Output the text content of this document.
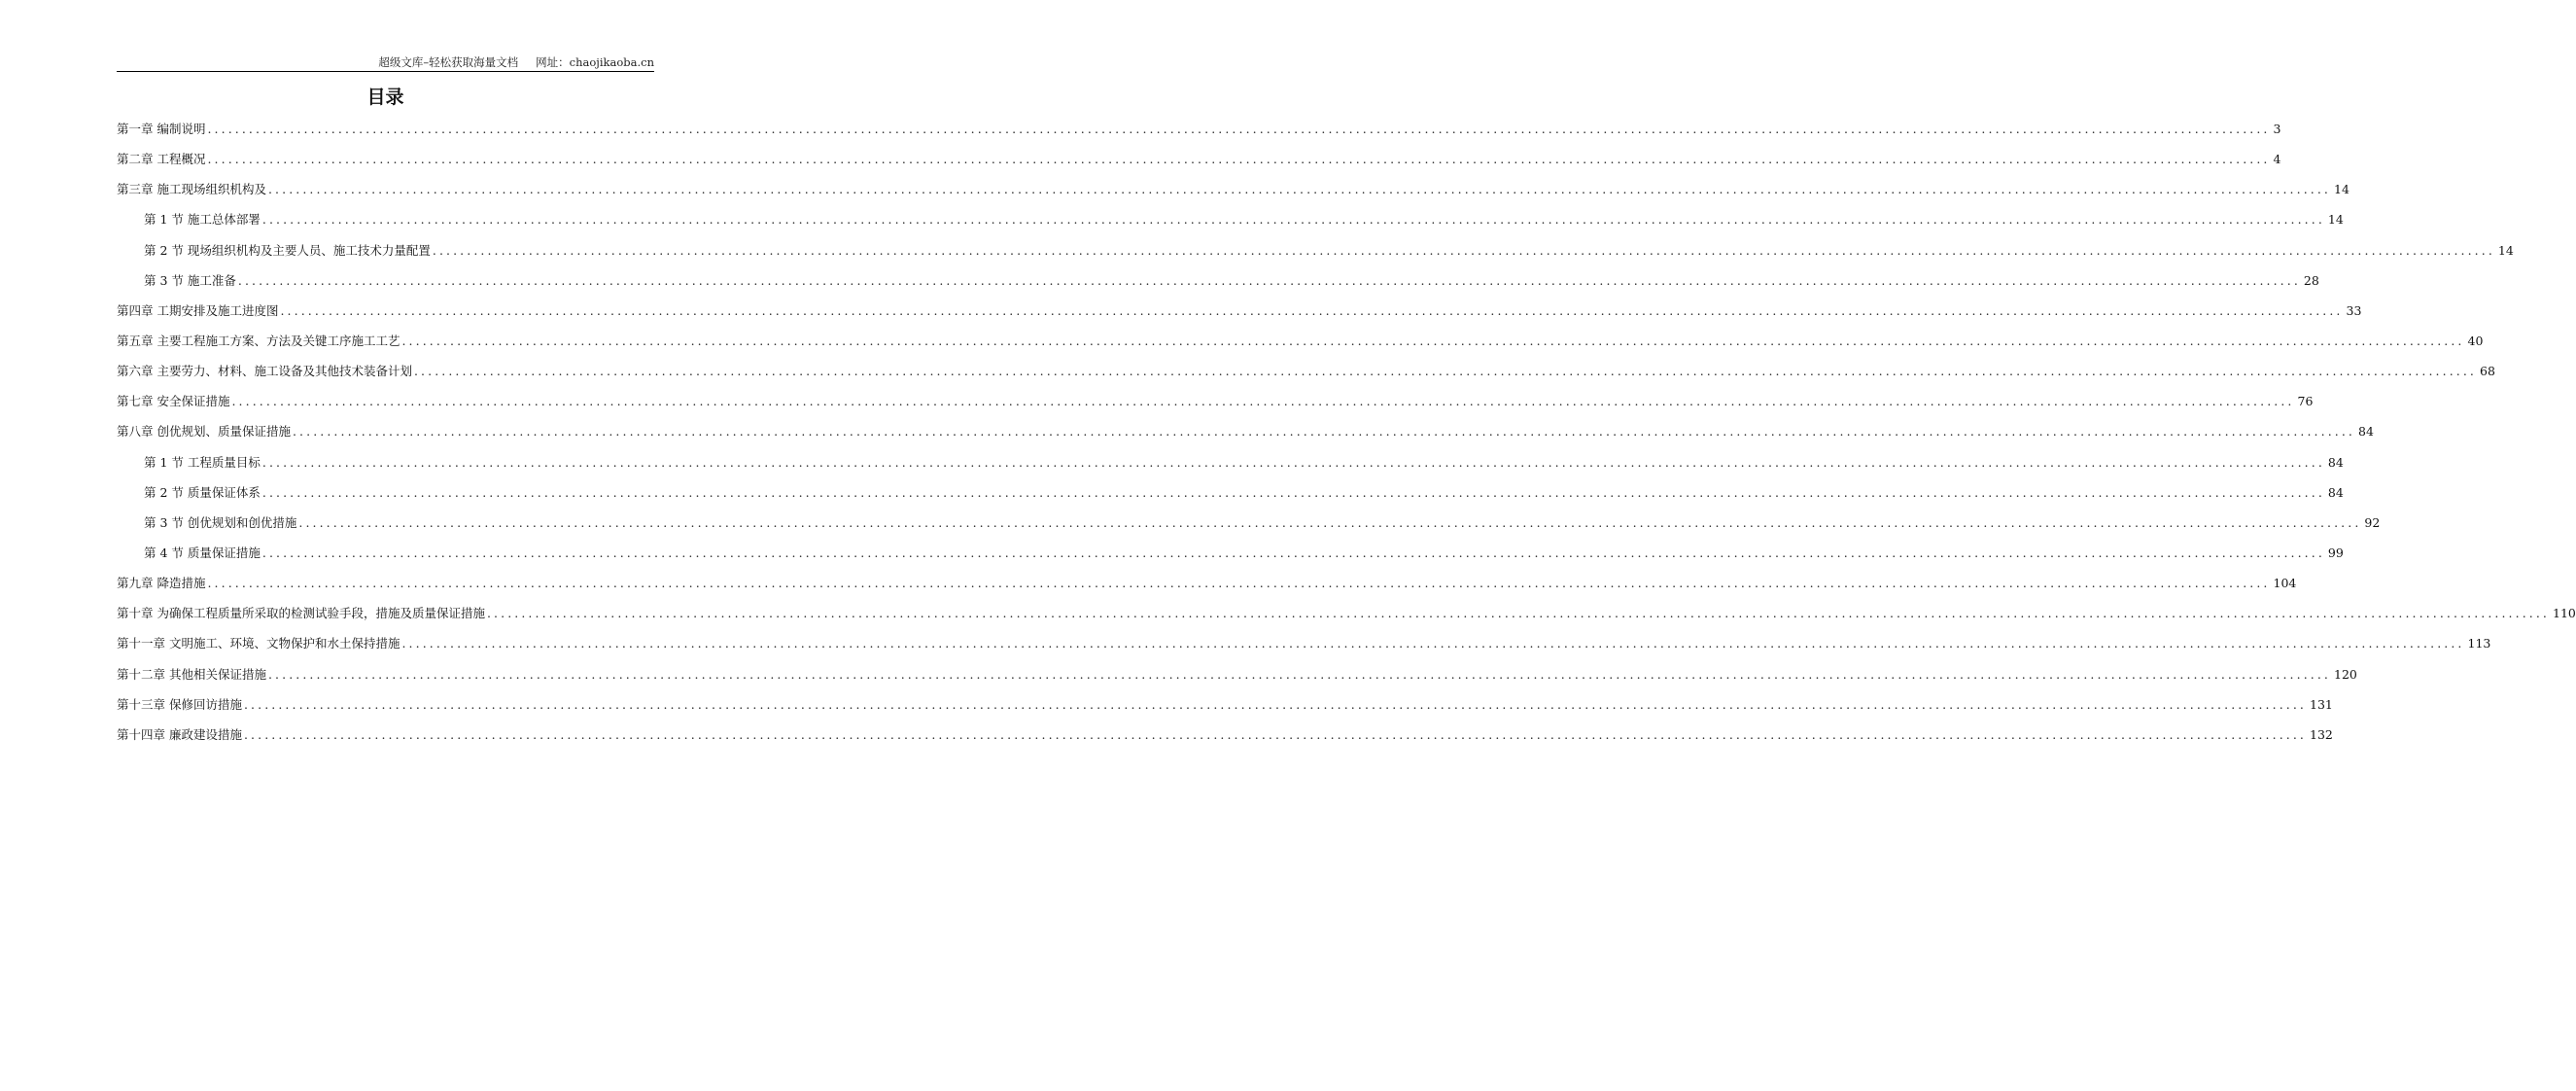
超级文库–轻松获取海量文档 网址：chaojikaoba.cn
目录
第一章 编制说明 ............................................................................................................................................................................................................................................................................................................ 3
第二章 工程概况 ............................................................................................................................................................................................................................................................................................................ 4
第三章 施工现场组织机构及 ............................................................................................................................................................................................................................................................................................................ 14
第 1 节 施工总体部署 ............................................................................................................................................................................................................................................................................................................ 14
第 2 节 现场组织机构及主要人员、施工技术力量配置 ............................................................................................................................................................................................................................................................................................................ 14
第 3 节 施工准备 ............................................................................................................................................................................................................................................................................................................ 28
第四章 工期安排及施工进度图 ............................................................................................................................................................................................................................................................................................................ 33
第五章 主要工程施工方案、方法及关键工序施工工艺 ............................................................................................................................................................................................................................................................................................................ 40
第六章 主要劳力、材料、施工设备及其他技术装备计划 ............................................................................................................................................................................................................................................................................................................ 68
第七章 安全保证措施 ............................................................................................................................................................................................................................................................................................................ 76
第八章 创优规划、质量保证措施 ............................................................................................................................................................................................................................................................................................................ 84
第 1 节 工程质量目标 ............................................................................................................................................................................................................................................................................................................ 84
第 2 节 质量保证体系 ............................................................................................................................................................................................................................................................................................................ 84
第 3 节 创优规划和创优措施 ............................................................................................................................................................................................................................................................................................................ 92
第 4 节 质量保证措施 ............................................................................................................................................................................................................................................................................................................ 99
第九章 降造措施 ............................................................................................................................................................................................................................................................................................................ 104
第十章 为确保工程质量所采取的检测试验手段，措施及质量保证措施 ............................................................................................................................................................................................................................................................................................................ 110
第十一章 文明施工、环境、文物保护和水土保持措施 ............................................................................................................................................................................................................................................................................................................ 113
第十二章 其他相关保证措施 ............................................................................................................................................................................................................................................................................................................ 120
第十三章 保修回访措施 ............................................................................................................................................................................................................................................................................................................ 131
第十四章 廉政建设措施 ............................................................................................................................................................................................................................................................................................................ 132
